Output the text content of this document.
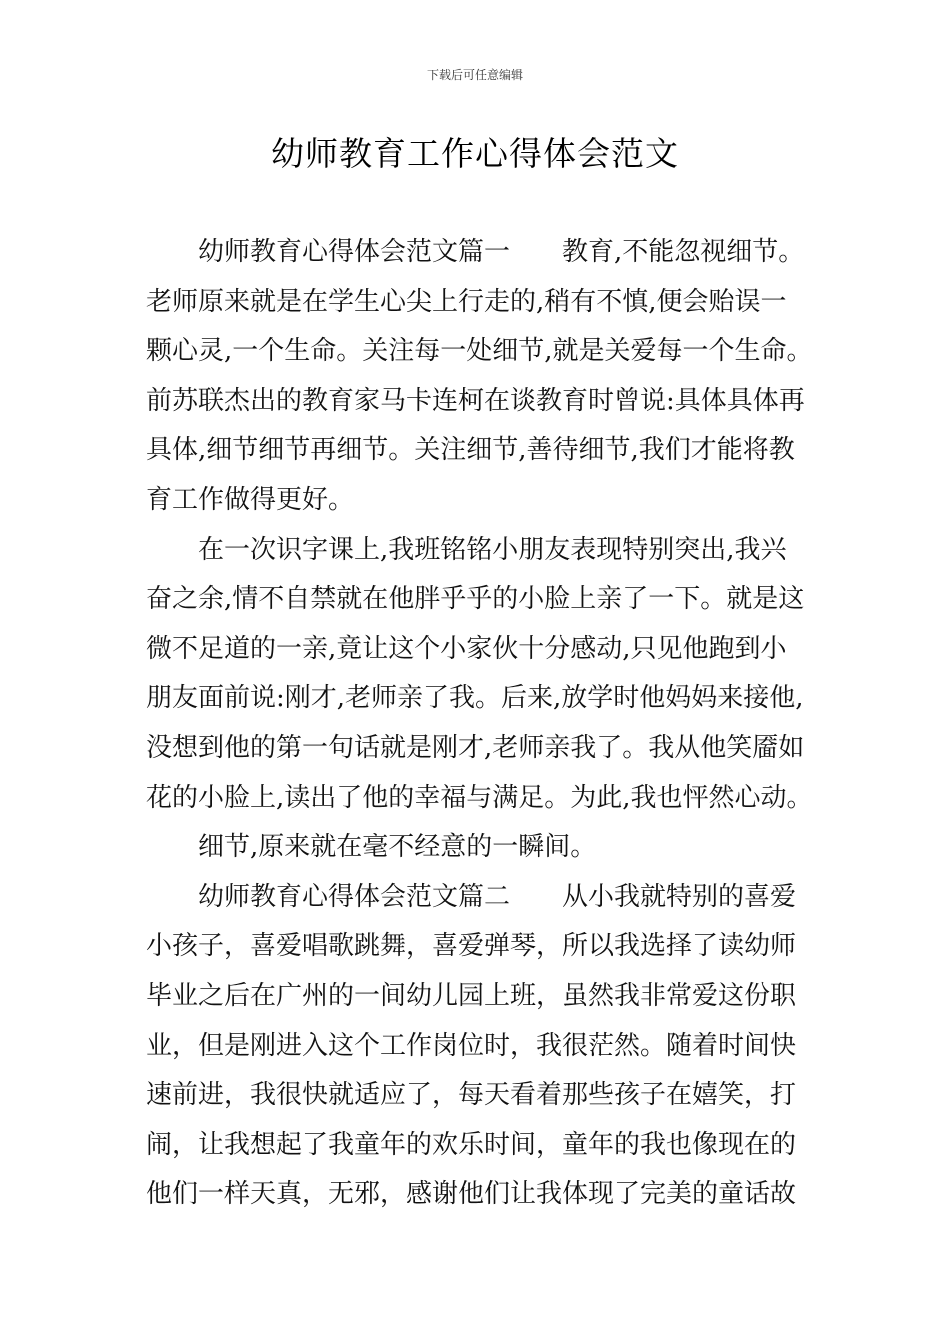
下载后可任意编辑
幼师教育工作心得体会范文
幼师教育心得体会范文篇一 教育,不能忽视细节。
老师原来就是在学生心尖上行走的,稍有不慎,便会贻误一
颗心灵,一个生命。关注每一处细节,就是关爱每一个生命。
前苏联杰出的教育家马卡连柯在谈教育时曾说:具体具体再
具体,细节细节再细节。关注细节,善待细节,我们才能将教
育工作做得更好。
在一次识字课上,我班铭铭小朋友表现特别突出,我兴
奋之余,情不自禁就在他胖乎乎的小脸上亲了一下。就是这
微不足道的一亲,竟让这个小家伙十分感动,只见他跑到小
朋友面前说:刚才,老师亲了我。后来,放学时他妈妈来接他,
没想到他的第一句话就是刚才,老师亲我了。我从他笑靥如
花的小脸上,读出了他的幸福与满足。为此,我也怦然心动。
细节,原来就在毫不经意的一瞬间。
幼师教育心得体会范文篇二 从小我就特别的喜爱
小孩子，喜爱唱歌跳舞，喜爱弹琴，所以我选择了读幼师
毕业之后在广州的一间幼儿园上班，虽然我非常爱这份职
业，但是刚进入这个工作岗位时，我很茫然。随着时间快
速前进，我很快就适应了，每天看着那些孩子在嬉笑，打
闹，让我想起了我童年的欢乐时间，童年的我也像现在的
他们一样天真，无邪，感谢他们让我体现了完美的童话故
